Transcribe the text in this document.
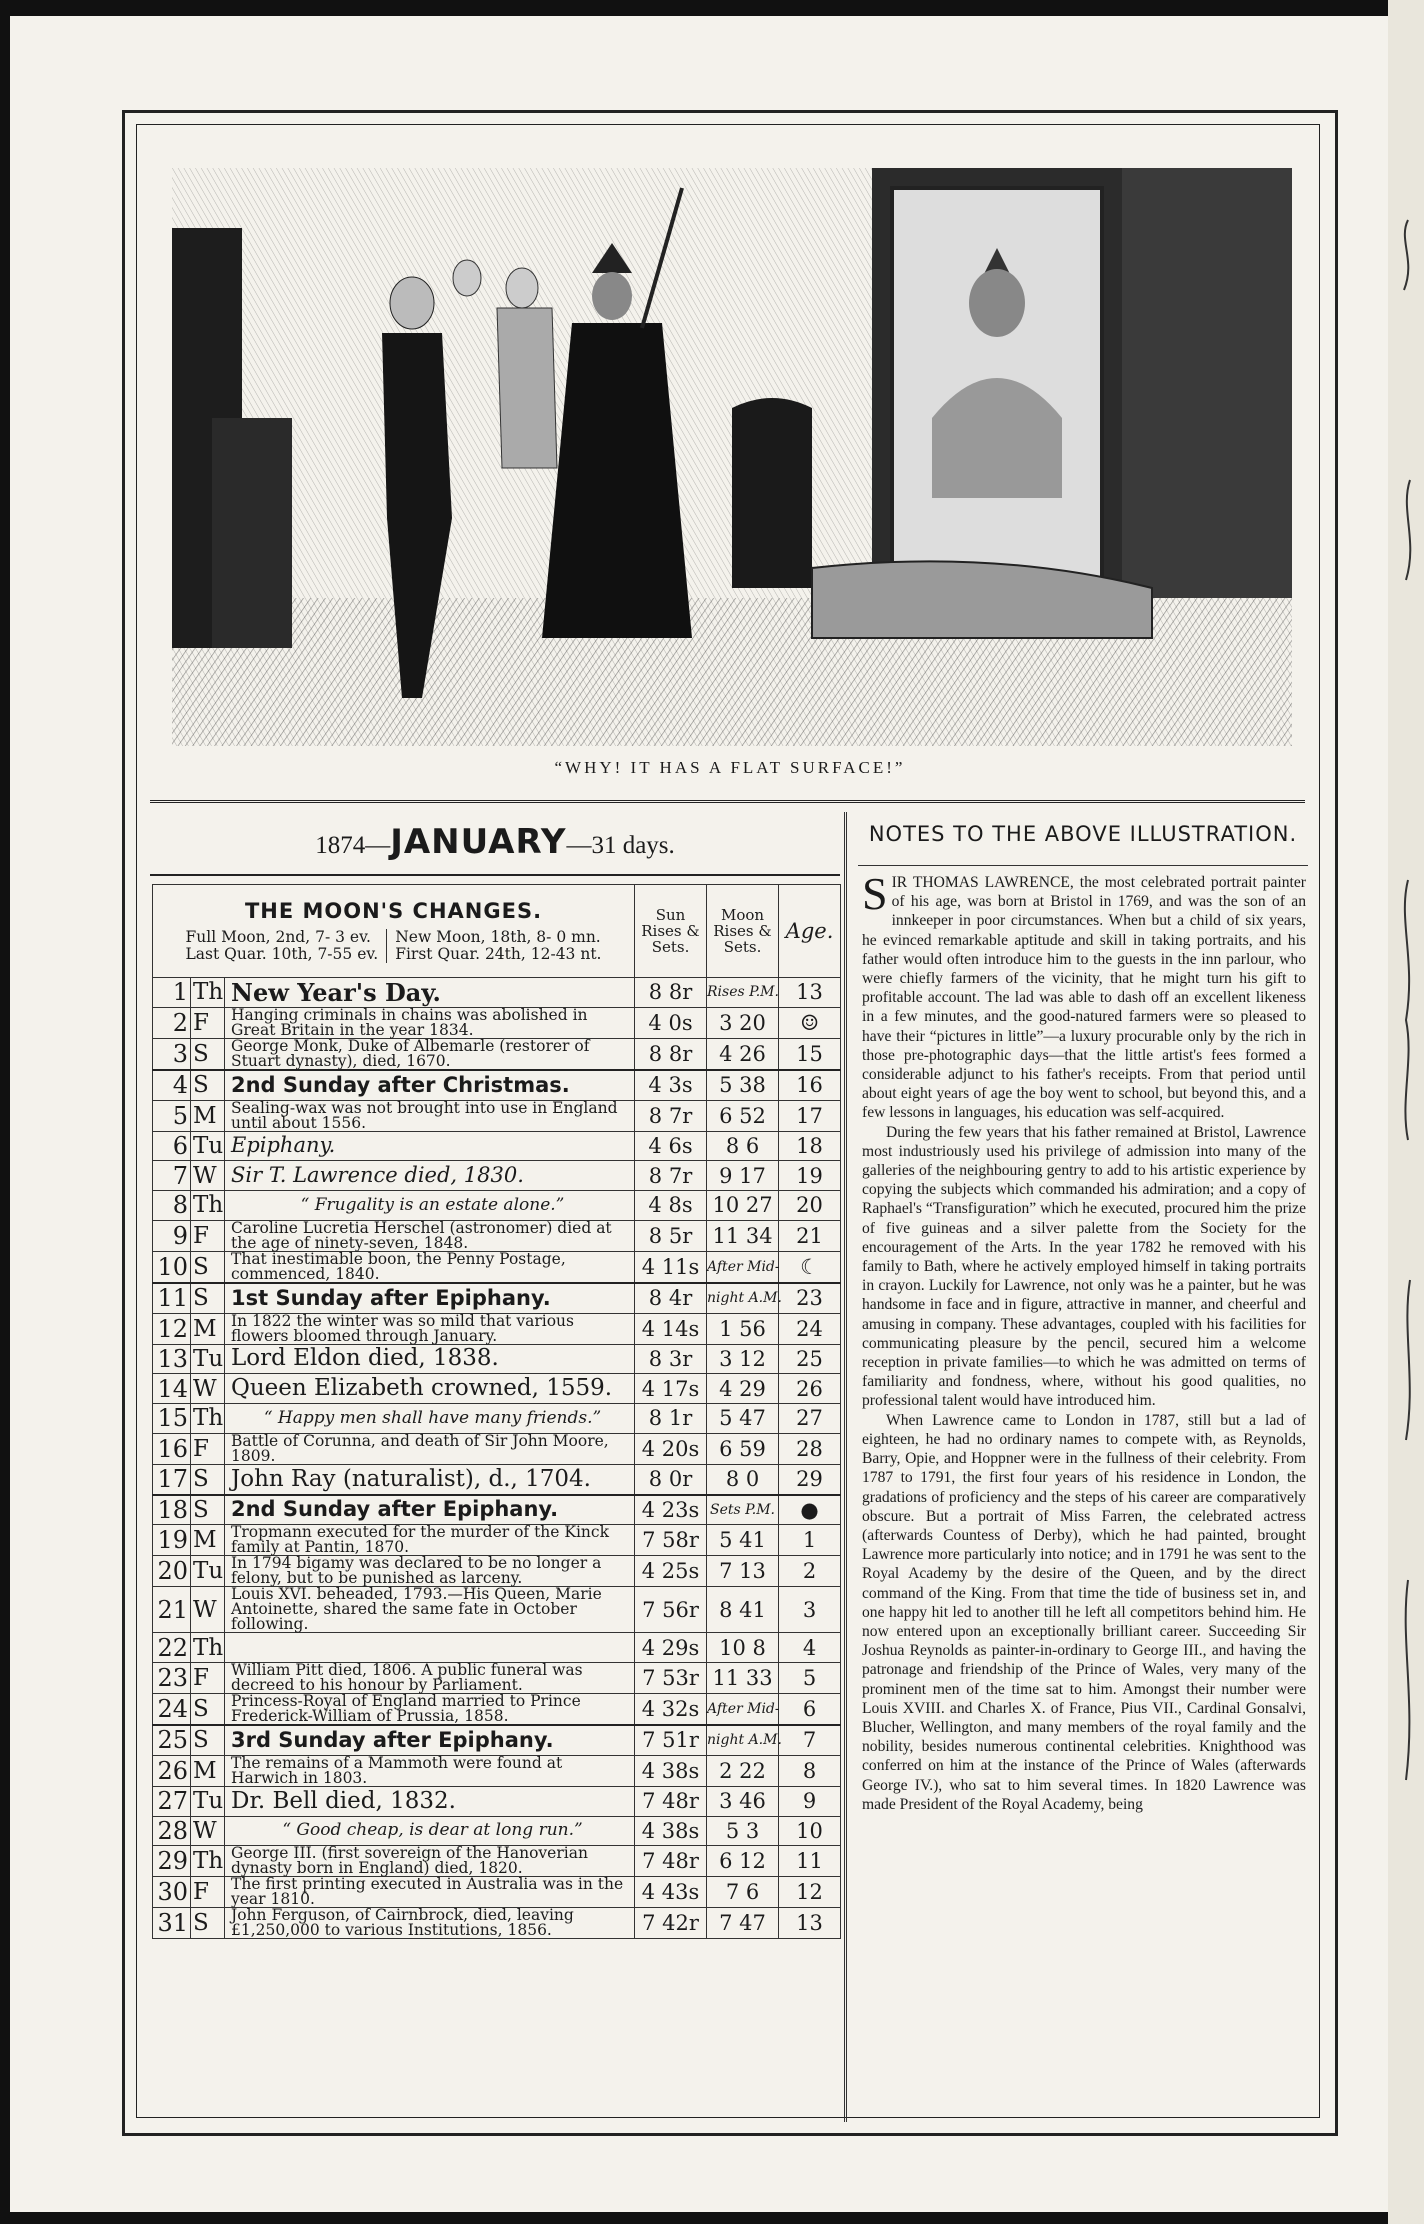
“WHY! IT HAS A FLAT SURFACE!”
1874—JANUARY—31 days.
THE MOON'S CHANGES.
Full Moon, 2nd, 7- 3 ev.
Last Quar. 10th, 7-55 ev.
New Moon, 18th, 8- 0 mn.
First Quar. 24th, 12-43 nt.			Sun Rises & Sets.	Moon Rises & Sets.	Age.
1	Th	New Year's Day.	8 8r	Rises P.M.	13
2	F	Hanging criminals in chains was abolished in Great Britain in the year 1834.	4 0s	3 20	☺
3	S	George Monk, Duke of Albemarle (restorer of Stuart dynasty), died, 1670.	8 8r	4 26	15
4	S	2nd Sunday after Christmas.	4 3s	5 38	16
5	M	Sealing-wax was not brought into use in England until about 1556.	8 7r	6 52	17
6	Tu	Epiphany.	4 6s	8 6	18
7	W	Sir T. Lawrence died, 1830.	8 7r	9 17	19
8	Th	“ Frugality is an estate alone.”	4 8s	10 27	20
9	F	Caroline Lucretia Herschel (astronomer) died at the age of ninety-seven, 1848.	8 5r	11 34	21
10	S	That inestimable boon, the Penny Postage, commenced, 1840.	4 11s	After Mid-	☾
11	S	1st Sunday after Epiphany.	8 4r	night A.M.	23
12	M	In 1822 the winter was so mild that various flowers bloomed through January.	4 14s	1 56	24
13	Tu	Lord Eldon died, 1838.	8 3r	3 12	25
14	W	Queen Elizabeth crowned, 1559.	4 17s	4 29	26
15	Th	“ Happy men shall have many friends.”	8 1r	5 47	27
16	F	Battle of Corunna, and death of Sir John Moore, 1809.	4 20s	6 59	28
17	S	John Ray (naturalist), d., 1704.	8 0r	8 0	29
18	S	2nd Sunday after Epiphany.	4 23s	Sets P.M.	●
19	M	Tropmann executed for the murder of the Kinck family at Pantin, 1870.	7 58r	5 41	1
20	Tu	In 1794 bigamy was declared to be no longer a felony, but to be punished as larceny.	4 25s	7 13	2
21	W	Louis XVI. beheaded, 1793.—His Queen, Marie Antoinette, shared the same fate in October following.	7 56r	8 41	3
22	Th		4 29s	10 8	4
23	F	William Pitt died, 1806. A public funeral was decreed to his honour by Parliament.	7 53r	11 33	5
24	S	Princess-Royal of England married to Prince Frederick-William of Prussia, 1858.	4 32s	After Mid-	6
25	S	3rd Sunday after Epiphany.	7 51r	night A.M.	7
26	M	The remains of a Mammoth were found at Harwich in 1803.	4 38s	2 22	8
27	Tu	Dr. Bell died, 1832.	7 48r	3 46	9
28	W	“ Good cheap, is dear at long run.”	4 38s	5 3	10
29	Th	George III. (first sovereign of the Hanoverian dynasty born in England) died, 1820.	7 48r	6 12	11
30	F	The first printing executed in Australia was in the year 1810.	4 43s	7 6	12
31	S	John Ferguson, of Cairnbrock, died, leaving £1,250,000 to various Institutions, 1856.	7 42r	7 47	13
NOTES TO THE ABOVE ILLUSTRATION.

SIR THOMAS LAWRENCE, the most celebrated portrait painter of his age, was born at Bristol in 1769, and was the son of an innkeeper in poor circumstances. When but a child of six years, he evinced remarkable aptitude and skill in taking portraits, and his father would often introduce him to the guests in the inn parlour, who were chiefly farmers of the vicinity, that he might turn his gift to profitable account. The lad was able to dash off an excellent likeness in a few minutes, and the good-natured farmers were so pleased to have their “pictures in little”—a luxury procurable only by the rich in those pre-photographic days—that the little artist's fees formed a considerable adjunct to his father's receipts. From that period until about eight years of age the boy went to school, but beyond this, and a few lessons in languages, his education was self-acquired.

During the few years that his father remained at Bristol, Lawrence most industriously used his privilege of admission into many of the galleries of the neighbouring gentry to add to his artistic experience by copying the subjects which commanded his admiration; and a copy of Raphael's “Transfiguration” which he executed, procured him the prize of five guineas and a silver palette from the Society for the encouragement of the Arts. In the year 1782 he removed with his family to Bath, where he actively employed himself in taking portraits in crayon. Luckily for Lawrence, not only was he a painter, but he was handsome in face and in figure, attractive in manner, and cheerful and amusing in company. These advantages, coupled with his facilities for communicating pleasure by the pencil, secured him a welcome reception in private families—to which he was admitted on terms of familiarity and fondness, where, without his good qualities, no professional talent would have introduced him.

When Lawrence came to London in 1787, still but a lad of eighteen, he had no ordinary names to compete with, as Reynolds, Barry, Opie, and Hoppner were in the fullness of their celebrity. From 1787 to 1791, the first four years of his residence in London, the gradations of proficiency and the steps of his career are comparatively obscure. But a portrait of Miss Farren, the celebrated actress (afterwards Countess of Derby), which he had painted, brought Lawrence more particularly into notice; and in 1791 he was sent to the Royal Academy by the desire of the Queen, and by the direct command of the King. From that time the tide of business set in, and one happy hit led to another till he left all competitors behind him. He now entered upon an exceptionally brilliant career. Succeeding Sir Joshua Reynolds as painter-in-ordinary to George III., and having the patronage and friendship of the Prince of Wales, very many of the prominent men of the time sat to him. Amongst their number were Louis XVIII. and Charles X. of France, Pius VII., Cardinal Gonsalvi, Blucher, Wellington, and many members of the royal family and the nobility, besides numerous continental celebrities. Knighthood was conferred on him at the instance of the Prince of Wales (afterwards George IV.), who sat to him several times. In 1820 Lawrence was made President of the Royal Academy, being
